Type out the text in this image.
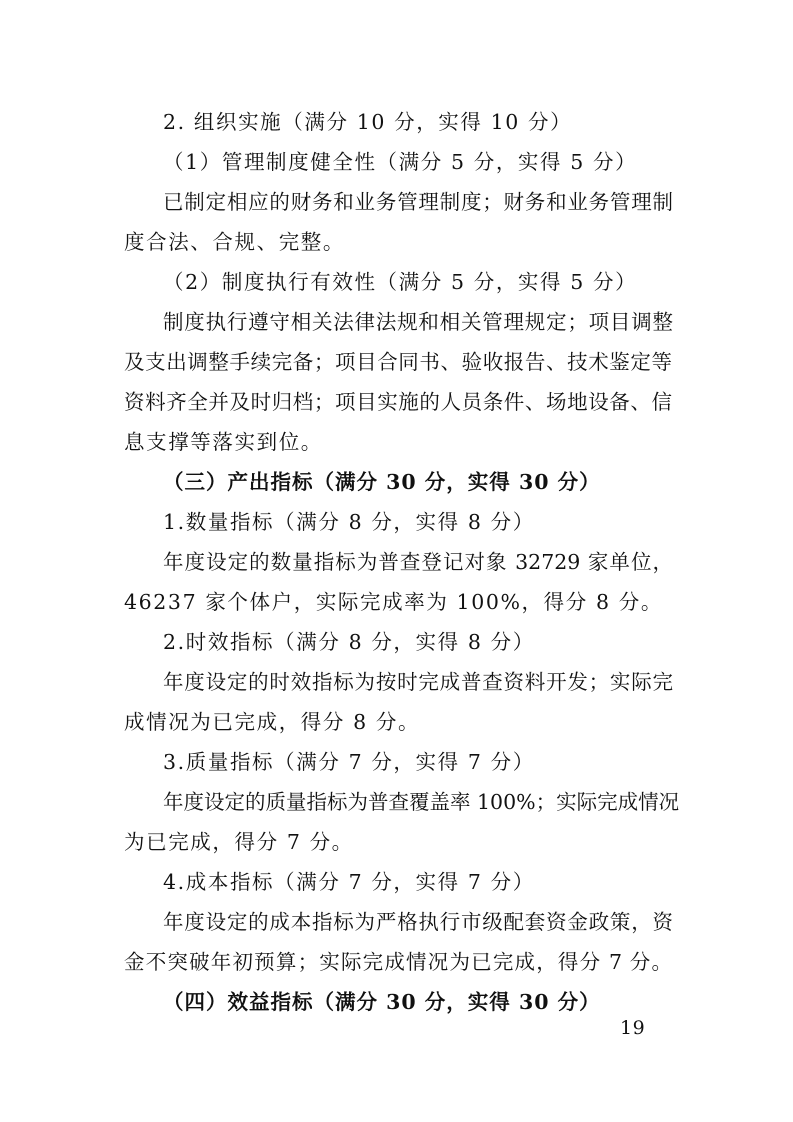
2. 组织实施（满分 10 分，实得 10 分）
（1）管理制度健全性（满分 5 分，实得 5 分）
已制定相应的财务和业务管理制度；财务和业务管理制
度合法、合规、完整。
（2）制度执行有效性（满分 5 分，实得 5 分）
制度执行遵守相关法律法规和相关管理规定；项目调整
及支出调整手续完备；项目合同书、验收报告、技术鉴定等
资料齐全并及时归档；项目实施的人员条件、场地设备、信
息支撑等落实到位。
（三）产出指标（满分 30 分，实得 30 分）
1.数量指标（满分 8 分，实得 8 分）
年度设定的数量指标为普查登记对象 32729 家单位，
46237 家个体户，实际完成率为 100%，得分 8 分。
2.时效指标（满分 8 分，实得 8 分）
年度设定的时效指标为按时完成普查资料开发；实际完
成情况为已完成，得分 8 分。
3.质量指标（满分 7 分，实得 7 分）
年度设定的质量指标为普查覆盖率 100%；实际完成情况
为已完成，得分 7 分。
4.成本指标（满分 7 分，实得 7 分）
年度设定的成本指标为严格执行市级配套资金政策，资
金不突破年初预算；实际完成情况为已完成，得分 7 分。
（四）效益指标（满分 30 分，实得 30 分）
19
